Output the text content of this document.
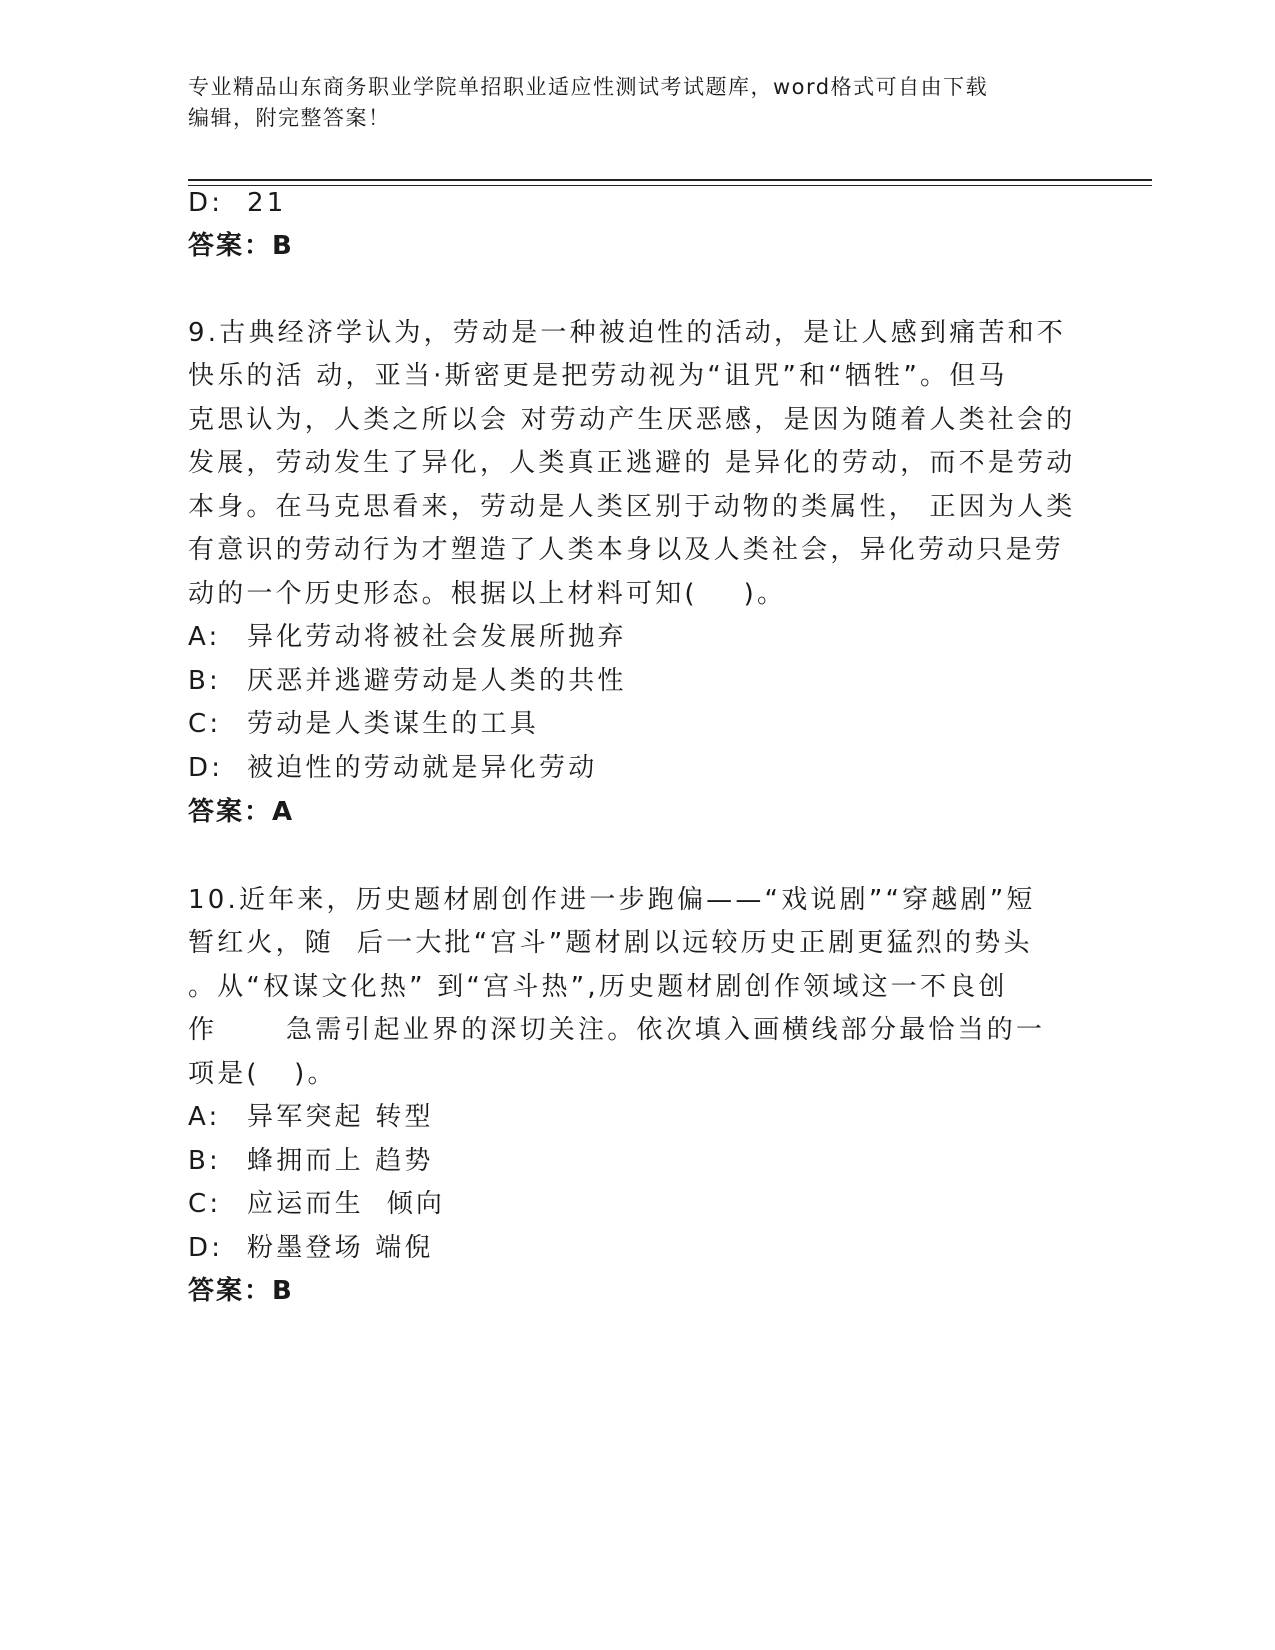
专业精品山东商务职业学院单招职业适应性测试考试题库，word格式可自由下载
编辑，附完整答案！
D: 21
答案：B
9.古典经济学认为，劳动是一种被迫性的活动，是让人感到痛苦和不
快乐的活 动，亚当·斯密更是把劳动视为“诅咒”和“牺牲”。但马
克思认为，人类之所以会 对劳动产生厌恶感，是因为随着人类社会的
发展，劳动发生了异化，人类真正逃避的 是异化的劳动，而不是劳动
本身。在马克思看来，劳动是人类区别于动物的类属性， 正因为人类
有意识的劳动行为才塑造了人类本身以及人类社会，异化劳动只是劳
动的一个历史形态。根据以上材料可知(    )。
A: 异化劳动将被社会发展所抛弃
B: 厌恶并逃避劳动是人类的共性
C: 劳动是人类谋生的工具
D: 被迫性的劳动就是异化劳动
答案：A
10.近年来，历史题材剧创作进一步跑偏——“戏说剧”“穿越剧”短
暂红火，随  后一大批“宫斗”题材剧以远较历史正剧更猛烈的势头
。从“权谋文化热” 到“宫斗热”,历史题材剧创作领域这一不良创
作      急需引起业界的深切关注。依次填入画横线部分最恰当的一
项是(   )。
A: 异军突起 转型
B: 蜂拥而上 趋势
C: 应运而生  倾向
D: 粉墨登场 端倪
答案：B
